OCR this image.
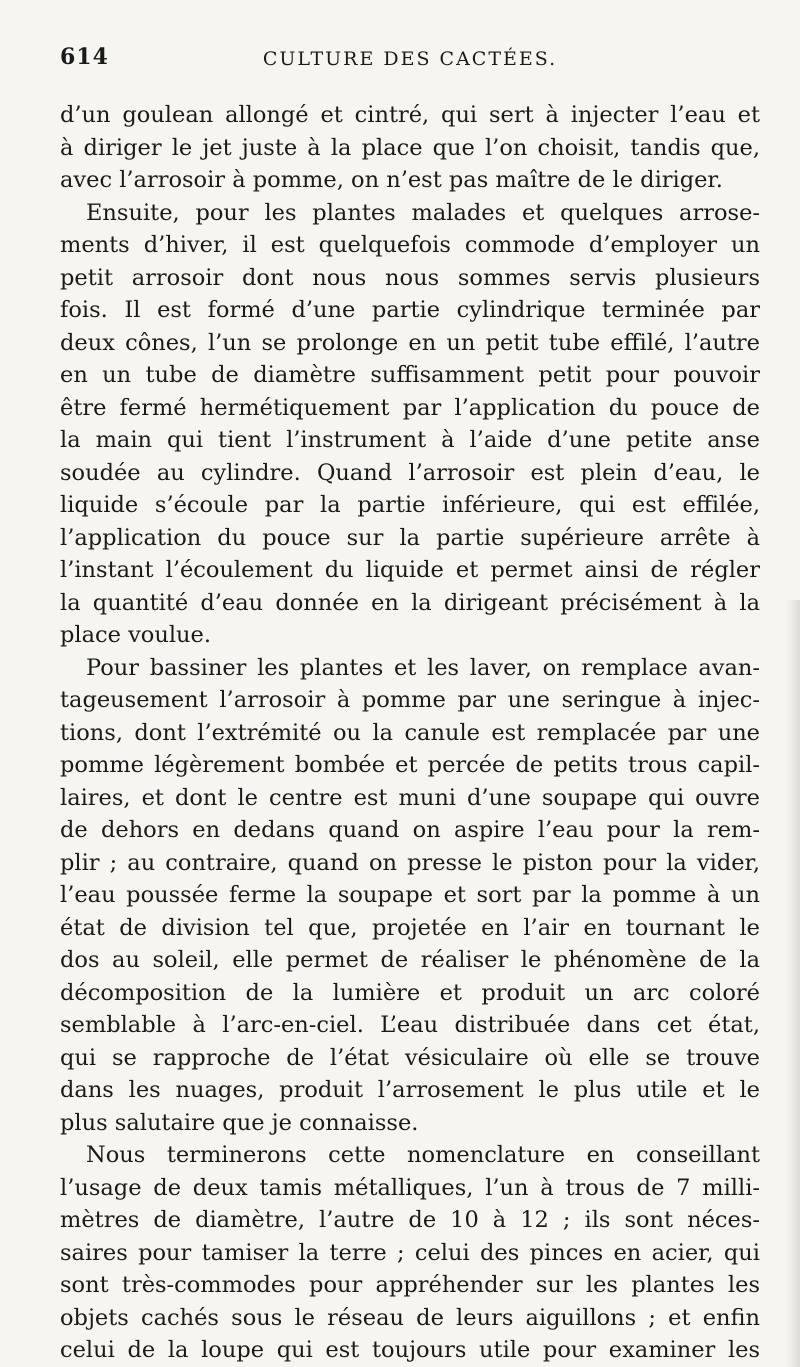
614	CULTURE DES CACTÉES.
d’un goulean allongé et cintré, qui sert à injecter l’eau et
à diriger le jet juste à la place que l’on choisit, tandis que,
avec l’arrosoir à pomme, on n’est pas maître de le diriger.
Ensuite, pour les plantes malades et quelques arrose-
ments d’hiver, il est quelquefois commode d’employer un
petit arrosoir dont nous nous sommes servis plusieurs
fois. Il est formé d’une partie cylindrique terminée par
deux cônes, l’un se prolonge en un petit tube effilé, l’autre
en un tube de diamètre suffisamment petit pour pouvoir
être fermé hermétiquement par l’application du pouce de
la main qui tient l’instrument à l’aide d’une petite anse
soudée au cylindre. Quand l’arrosoir est plein d’eau, le
liquide s’écoule par la partie inférieure, qui est effilée,
l’application du pouce sur la partie supérieure arrête à
l’instant l’écoulement du liquide et permet ainsi de régler
la quantité d’eau donnée en la dirigeant précisément à la
place voulue.
Pour bassiner les plantes et les laver, on remplace avan-
tageusement l’arrosoir à pomme par une seringue à injec-
tions, dont l’extrémité ou la canule est remplacée par une
pomme légèrement bombée et percée de petits trous capil-
laires, et dont le centre est muni d’une soupape qui ouvre
de dehors en dedans quand on aspire l’eau pour la rem-
plir ; au contraire, quand on presse le piston pour la vider,
l’eau poussée ferme la soupape et sort par la pomme à un
état de division tel que, projetée en l’air en tournant le
dos au soleil, elle permet de réaliser le phénomène de la
décomposition de la lumière et produit un arc coloré
semblable à l’arc-en-ciel. L’eau distribuée dans cet état,
qui se rapproche de l’état vésiculaire où elle se trouve
dans les nuages, produit l’arrosement le plus utile et le
plus salutaire que je connaisse.
Nous terminerons cette nomenclature en conseillant
l’usage de deux tamis métalliques, l’un à trous de 7 milli-
mètres de diamètre, l’autre de 10 à 12 ; ils sont néces-
saires pour tamiser la terre ; celui des pinces en acier, qui
sont très-commodes pour appréhender sur les plantes les
objets cachés sous le réseau de leurs aiguillons ; et enfin
celui de la loupe qui est toujours utile pour examiner les
